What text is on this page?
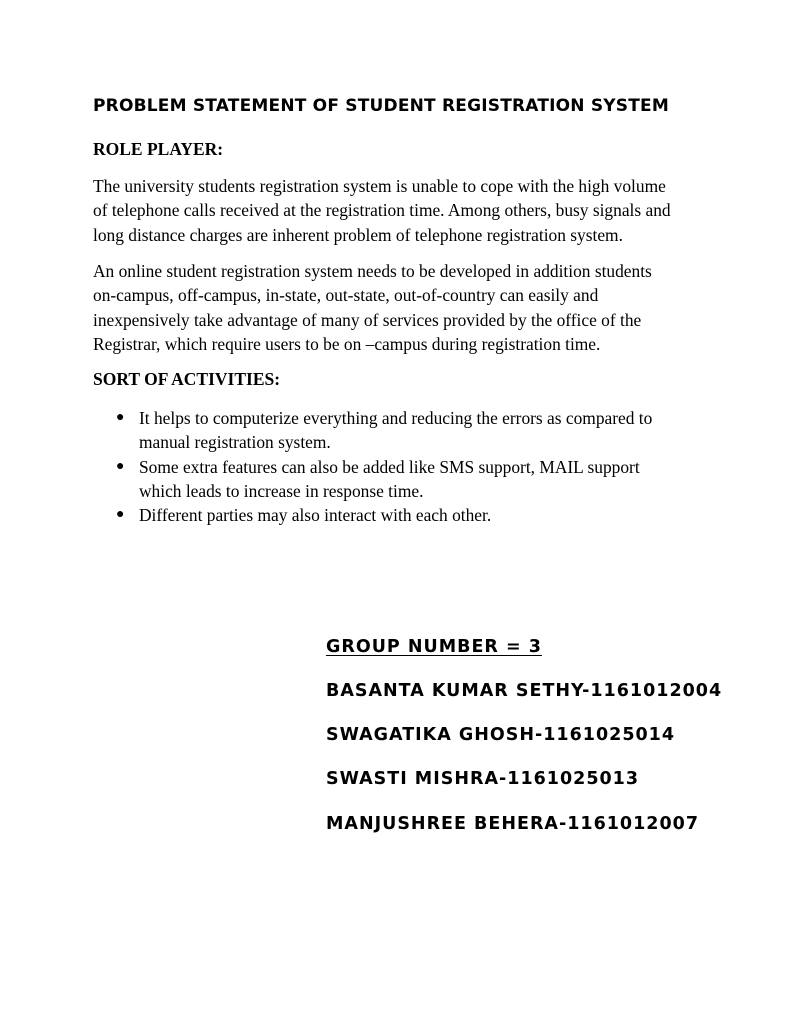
PROBLEM STATEMENT OF STUDENT REGISTRATION SYSTEM
ROLE PLAYER:

The university students registration system is unable to cope with the high volume
of telephone calls received at the registration time. Among others, busy signals and
long distance charges are inherent problem of telephone registration system.

An online student registration system needs to be developed in addition students
on-campus, off-campus, in-state, out-state, out-of-country can easily and
inexpensively take advantage of many of services provided by the office of the
Registrar, which require users to be on –campus during registration time.

SORT OF ACTIVITIES:
● It helps to computerize everything and reducing the errors as compared to
manual registration system.
● Some extra features can also be added like SMS support, MAIL support
which leads to increase in response time.
● Different parties may also interact with each other.
GROUP NUMBER = 3
BASANTA KUMAR SETHY-1161012004
SWAGATIKA GHOSH-1161025014
SWASTI MISHRA-1161025013
MANJUSHREE BEHERA-1161012007
